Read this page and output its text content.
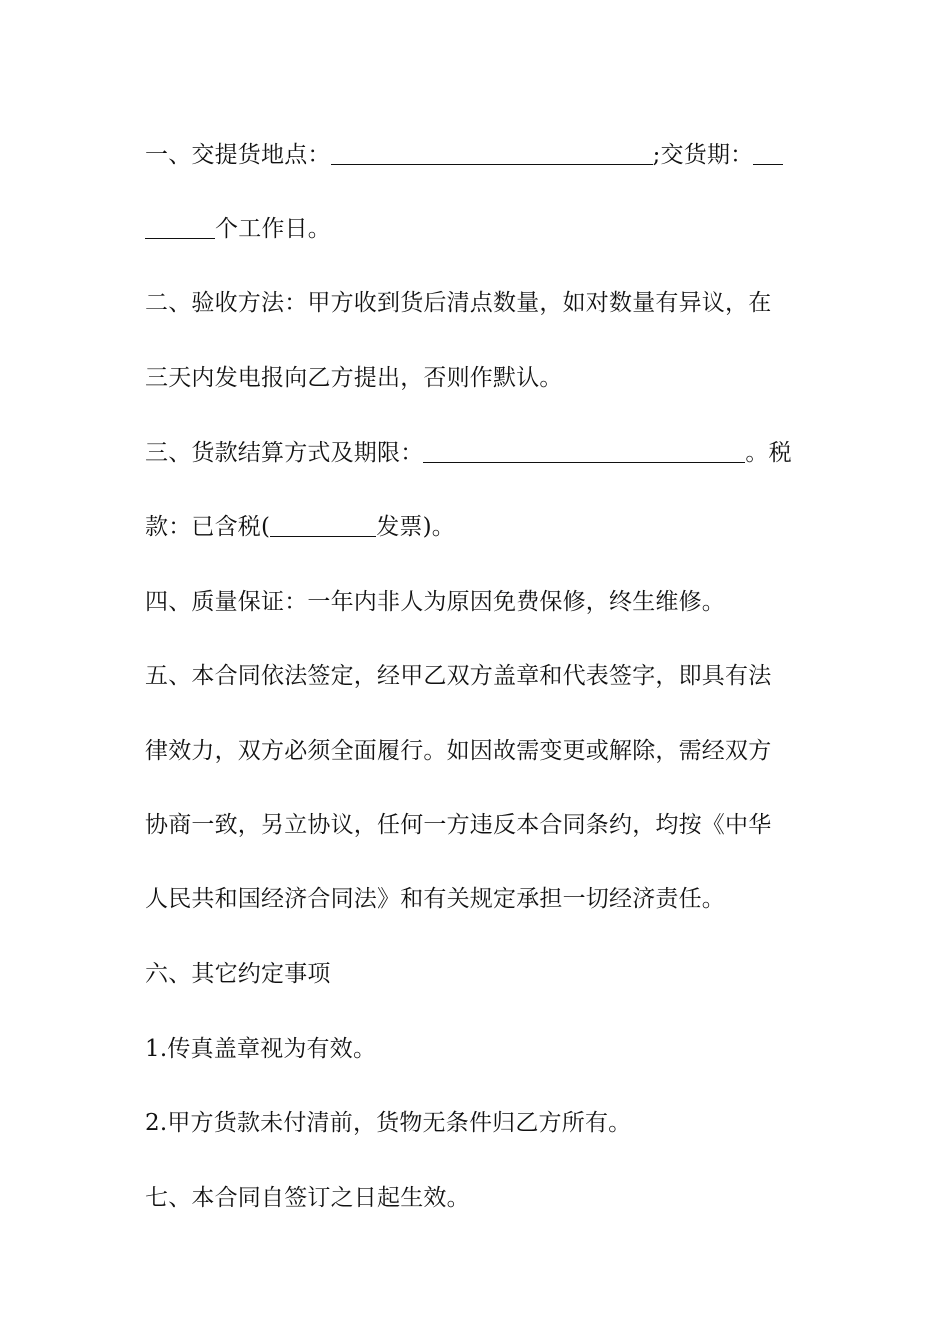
一、交提货地点：	;交货期：
个工作日。
二、验收方法：甲方收到货后清点数量，如对数量有异议，在
三天内发电报向乙方提出，否则作默认。
三、货款结算方式及期限：	。税
款：已含税(	发票)。
四、质量保证：一年内非人为原因免费保修，终生维修。
五、本合同依法签定，经甲乙双方盖章和代表签字，即具有法
律效力，双方必须全面履行。如因故需变更或解除，需经双方
协商一致，另立协议，任何一方违反本合同条约，均按《中华
人民共和国经济合同法》和有关规定承担一切经济责任。
六、其它约定事项
1.传真盖章视为有效。
2.甲方货款未付清前，货物无条件归乙方所有。
七、本合同自签订之日起生效。
